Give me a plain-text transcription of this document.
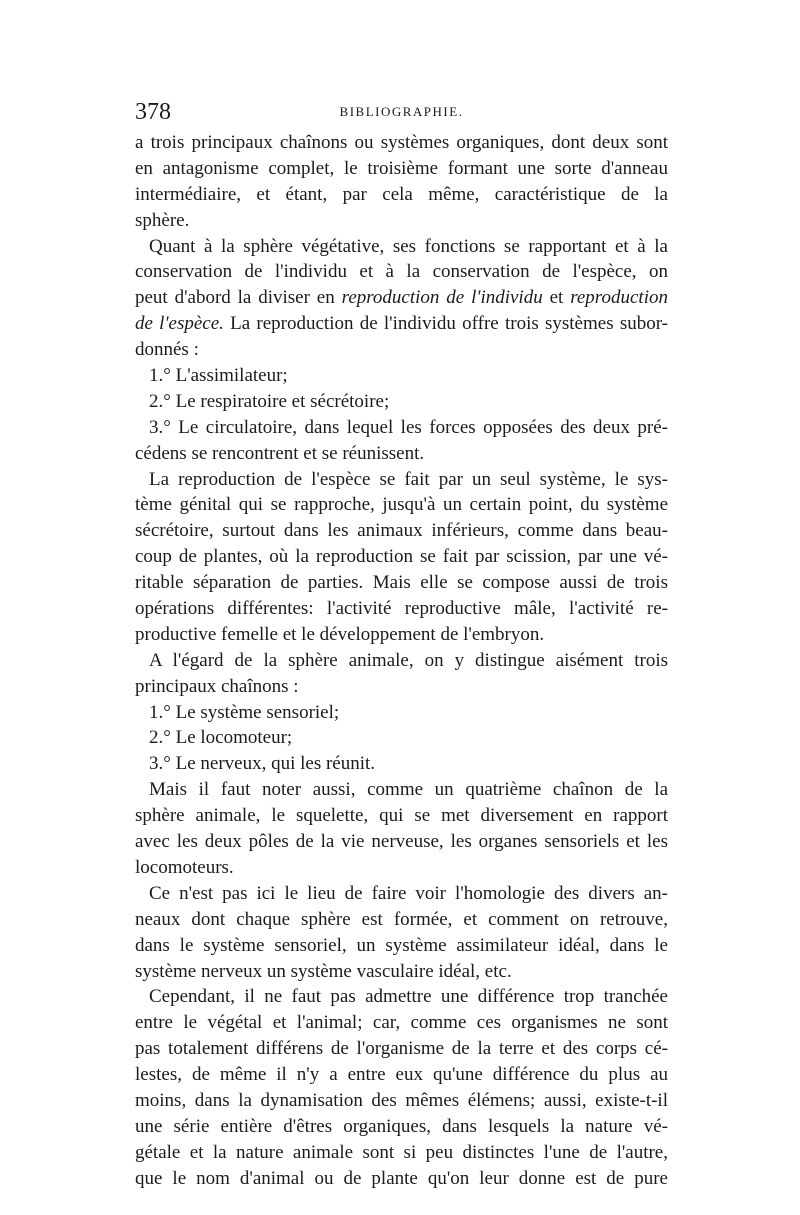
378	BIBLIOGRAPHIE.
a trois principaux chaînons ou systèmes organiques, dont deux sont
en antagonisme complet, le troisième formant une sorte d'anneau
intermédiaire, et étant, par cela même, caractéristique de la
sphère.
Quant à la sphère végétative, ses fonctions se rapportant et à la
conservation de l'individu et à la conservation de l'espèce, on
peut d'abord la diviser en reproduction de l'individu et reproduction
de l'espèce. La reproduction de l'individu offre trois systèmes subor-
donnés :
1.° L'assimilateur;
2.° Le respiratoire et sécrétoire;
3.° Le circulatoire, dans lequel les forces opposées des deux pré-
cédens se rencontrent et se réunissent.
La reproduction de l'espèce se fait par un seul système, le sys-
tème génital qui se rapproche, jusqu'à un certain point, du système
sécrétoire, surtout dans les animaux inférieurs, comme dans beau-
coup de plantes, où la reproduction se fait par scission, par une vé-
ritable séparation de parties. Mais elle se compose aussi de trois
opérations différentes: l'activité reproductive mâle, l'activité re-
productive femelle et le développement de l'embryon.
A l'égard de la sphère animale, on y distingue aisément trois
principaux chaînons :
1.° Le système sensoriel;
2.° Le locomoteur;
3.° Le nerveux, qui les réunit.
Mais il faut noter aussi, comme un quatrième chaînon de la
sphère animale, le squelette, qui se met diversement en rapport
avec les deux pôles de la vie nerveuse, les organes sensoriels et les
locomoteurs.
Ce n'est pas ici le lieu de faire voir l'homologie des divers an-
neaux dont chaque sphère est formée, et comment on retrouve,
dans le système sensoriel, un système assimilateur idéal, dans le
système nerveux un système vasculaire idéal, etc.
Cependant, il ne faut pas admettre une différence trop tranchée
entre le végétal et l'animal; car, comme ces organismes ne sont
pas totalement différens de l'organisme de la terre et des corps cé-
lestes, de même il n'y a entre eux qu'une différence du plus au
moins, dans la dynamisation des mêmes élémens; aussi, existe-t-il
une série entière d'êtres organiques, dans lesquels la nature vé-
gétale et la nature animale sont si peu distinctes l'une de l'autre,
que le nom d'animal ou de plante qu'on leur donne est de pure
